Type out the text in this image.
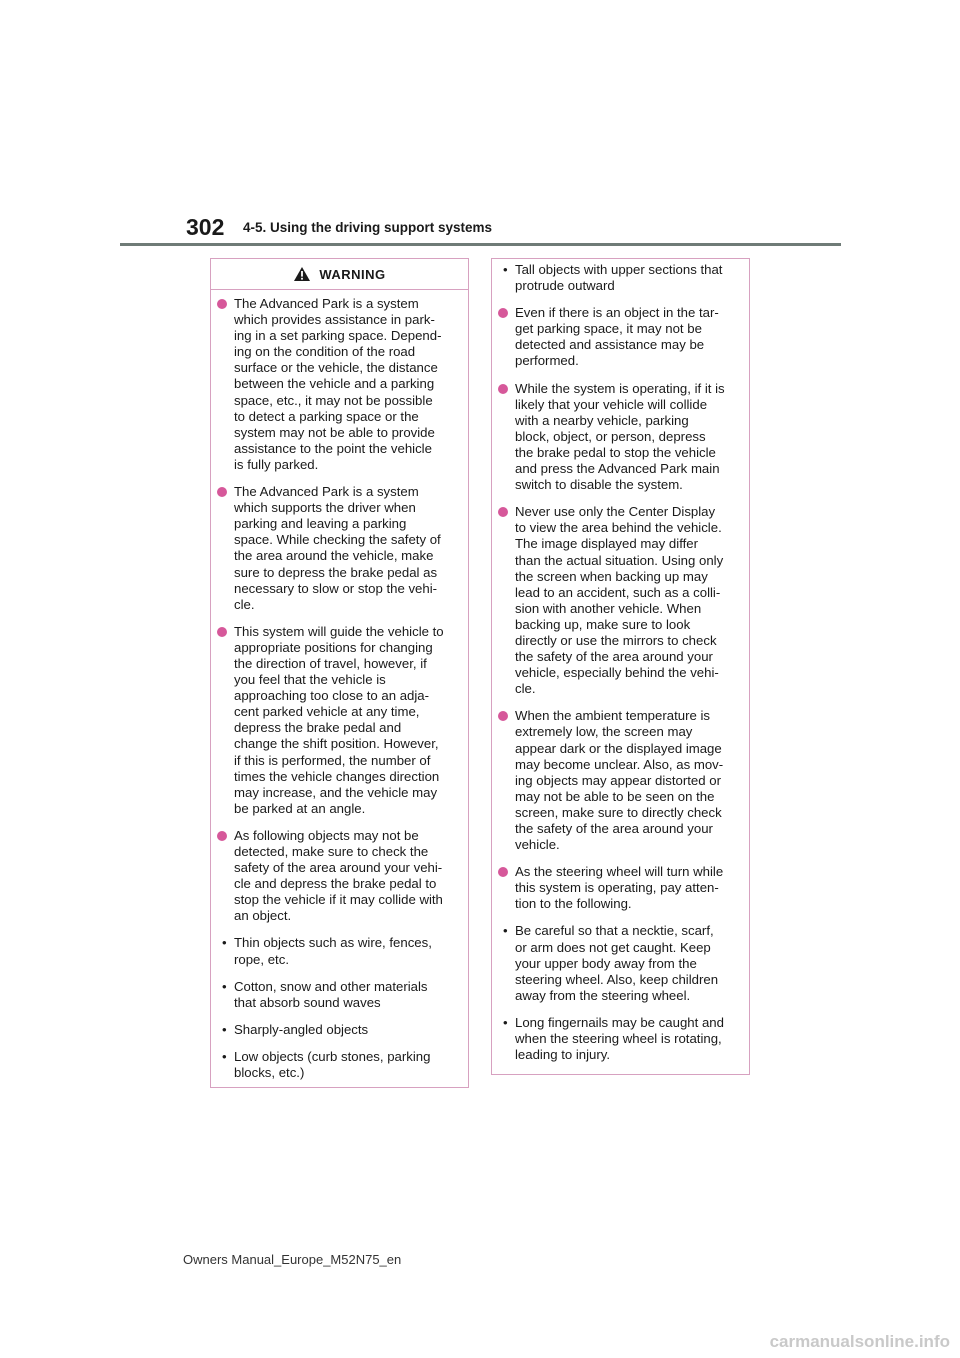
302 4-5. Using the driving support systems
WARNING
The Advanced Park is a system
which provides assistance in park-
ing in a set parking space. Depend-
ing on the condition of the road
surface or the vehicle, the distance
between the vehicle and a parking
space, etc., it may not be possible
to detect a parking space or the
system may not be able to provide
assistance to the point the vehicle
is fully parked.
The Advanced Park is a system
which supports the driver when
parking and leaving a parking
space. While checking the safety of
the area around the vehicle, make
sure to depress the brake pedal as
necessary to slow or stop the vehi-
cle.
This system will guide the vehicle to
appropriate positions for changing
the direction of travel, however, if
you feel that the vehicle is
approaching too close to an adja-
cent parked vehicle at any time,
depress the brake pedal and
change the shift position. However,
if this is performed, the number of
times the vehicle changes direction
may increase, and the vehicle may
be parked at an angle.
As following objects may not be
detected, make sure to check the
safety of the area around your vehi-
cle and depress the brake pedal to
stop the vehicle if it may collide with
an object.
• Thin objects such as wire, fences,
rope, etc.
• Cotton, snow and other materials
that absorb sound waves
• Sharply-angled objects
• Low objects (curb stones, parking
blocks, etc.)
• Tall objects with upper sections that
protrude outward
Even if there is an object in the tar-
get parking space, it may not be
detected and assistance may be
performed.
While the system is operating, if it is
likely that your vehicle will collide
with a nearby vehicle, parking
block, object, or person, depress
the brake pedal to stop the vehicle
and press the Advanced Park main
switch to disable the system.
Never use only the Center Display
to view the area behind the vehicle.
The image displayed may differ
than the actual situation. Using only
the screen when backing up may
lead to an accident, such as a colli-
sion with another vehicle. When
backing up, make sure to look
directly or use the mirrors to check
the safety of the area around your
vehicle, especially behind the vehi-
cle.
When the ambient temperature is
extremely low, the screen may
appear dark or the displayed image
may become unclear. Also, as mov-
ing objects may appear distorted or
may not be able to be seen on the
screen, make sure to directly check
the safety of the area around your
vehicle.
As the steering wheel will turn while
this system is operating, pay atten-
tion to the following.
• Be careful so that a necktie, scarf,
or arm does not get caught. Keep
your upper body away from the
steering wheel. Also, keep children
away from the steering wheel.
• Long fingernails may be caught and
when the steering wheel is rotating,
leading to injury.
Owners Manual_Europe_M52N75_en
carmanualsonline.info
